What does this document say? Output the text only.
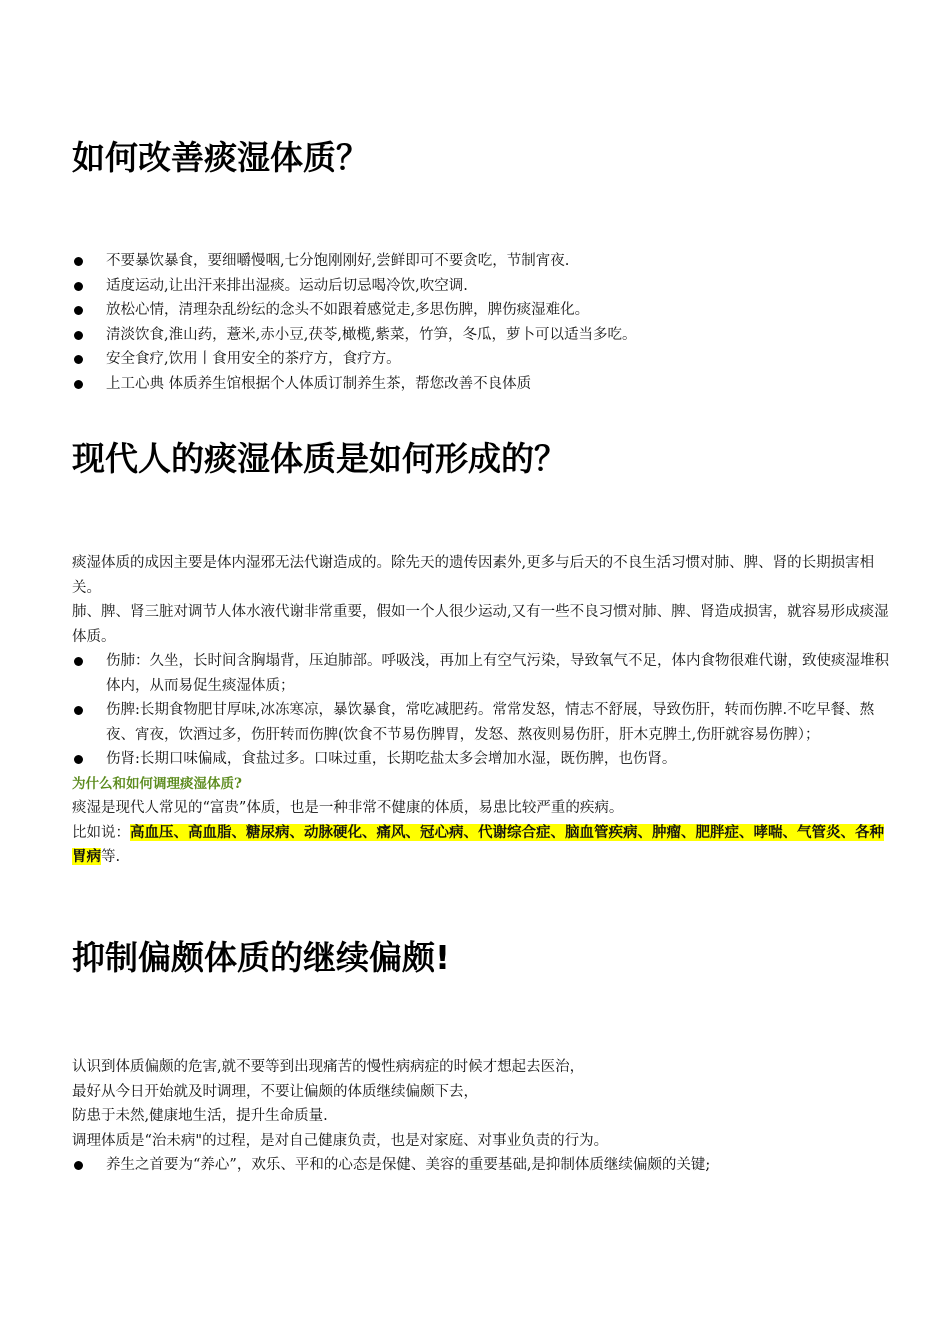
如何改善痰湿体质？
不要暴饮暴食，要细嚼慢咽,七分饱刚刚好,尝鲜即可不要贪吃，节制宵夜.
适度运动,让出汗来排出湿痰。运动后切忌喝冷饮,吹空调.
放松心情，清理杂乱纷纭的念头不如跟着感觉走,多思伤脾，脾伤痰湿难化。
清淡饮食,淮山药，薏米,赤小豆,茯苓,橄榄,紫菜，竹笋，冬瓜，萝卜可以适当多吃。
安全食疗,饮用丨食用安全的茶疗方，食疗方。
上工心典 体质养生馆根据个人体质订制养生茶，帮您改善不良体质
现代人的痰湿体质是如何形成的？

痰湿体质的成因主要是体内湿邪无法代谢造成的。除先天的遗传因素外,更多与后天的不良生活习惯对肺、脾、肾的长期损害相关。

肺、脾、肾三脏对调节人体水液代谢非常重要，假如一个人很少运动,又有一些不良习惯对肺、脾、肾造成损害，就容易形成痰湿体质。

伤肺：久坐，长时间含胸塌背，压迫肺部。呼吸浅，再加上有空气污染，导致氧气不足，体内食物很难代谢，致使痰湿堆积体内，从而易促生痰湿体质；
伤脾:长期食物肥甘厚味,冰冻寒凉，暴饮暴食，常吃减肥药。常常发怒，情志不舒展，导致伤肝，转而伤脾.不吃早餐、熬夜、宵夜，饮酒过多，伤肝转而伤脾(饮食不节易伤脾胃，发怒、熬夜则易伤肝，肝木克脾土,伤肝就容易伤脾）；
伤肾:长期口味偏咸，食盐过多。口味过重，长期吃盐太多会增加水湿，既伤脾，也伤肾。

为什么和如何调理痰湿体质?

痰湿是现代人常见的“富贵”体质，也是一种非常不健康的体质，易患比较严重的疾病。

比如说：高血压、高血脂、糖尿病、动脉硬化、痛风、冠心病、代谢综合症、脑血管疾病、肿瘤、肥胖症、哮喘、气管炎、各种胃病等.

抑制偏颇体质的继续偏颇!

认识到体质偏颇的危害,就不要等到出现痛苦的慢性病病症的时候才想起去医治，

最好从今日开始就及时调理，不要让偏颇的体质继续偏颇下去，

防患于未然,健康地生活，提升生命质量.

调理体质是“治未病"的过程，是对自己健康负责，也是对家庭、对事业负责的行为。

养生之首要为“养心”，欢乐、平和的心态是保健、美容的重要基础,是抑制体质继续偏颇的关键;
